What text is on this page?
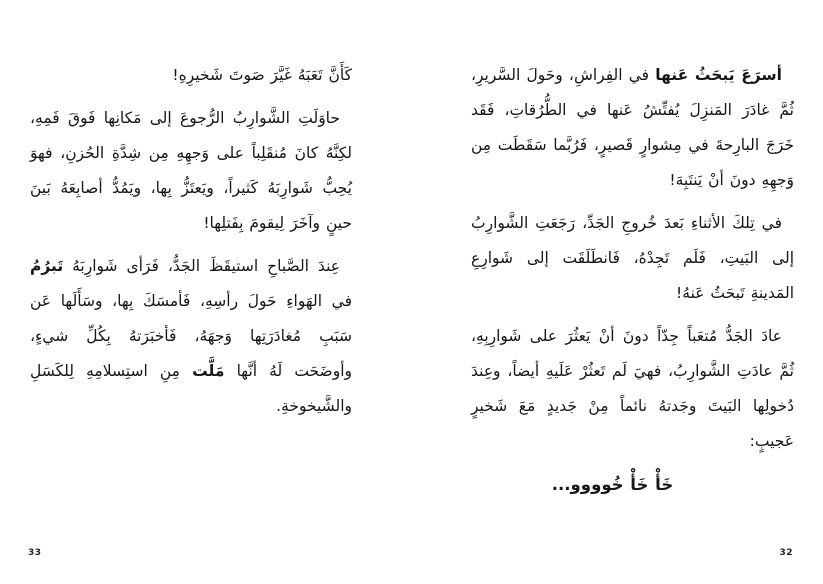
أسرَعَ يَبحَثُ عَنها في الفِراشِ، وحَولَ السَّريرِ، ثُمَّ غادَرَ المَنزِلَ يُفتِّشُ عَنها في الطُّرُقاتِ، فَقَد خَرَجَ البارِحةَ في مِشوارٍ قَصيرٍ، فَرُبَّما سَقَطَت مِن وَجهِهِ دونَ أنْ يَنتَبِهَ!

في تِلكَ الأثناءِ بَعدَ خُروجِ الجَدِّ، رَجَعَتِ الشَّوارِبُ إلى البَيتِ، فَلَم تَجِدْهُ، فَانطَلَقَت إلى شَوارِعِ المَدينةِ تَبحَثُ عَنهُ!

عادَ الجَدُّ مُتعَباً جِدّاً دونَ أنْ يَعثُرَ على شَوارِبِهِ، ثُمَّ عادَتِ الشَّوارِبُ، فهيَ لَم تَعثُرْ عَلَيهِ أيضاً، وعِندَ دُخولِها البَيتَ وجَدتهُ نائماً مِنْ جَديدٍ مَعَ شَخيرٍ عَجيبٍ:

خَأْ خَأْ خُوووو...

كَأَنَّ تَعَبَهُ غَيَّرَ صَوتَ شَخيرِهِ!

حاوَلَتِ الشَّوارِبُ الرُّجوعَ إلى مَكانِها فَوقَ فَمِهِ، لكِنَّهُ كانَ مُنقَلِباً على وَجهِهِ مِن شِدَّةِ الحُزنِ، فهوَ يُحِبُّ شَوارِبَهُ كَثيراً، ويَعتَزُّ بِها، ويَمُدُّ أصابِعَهُ بَينَ حينٍ وآخَرَ لِيقومَ بِفَتلِها!

عِندَ الصَّباحِ استيقَظَ الجَدُّ، فَرَأى شَوارِبَهُ تَبرُمُ في الهَواءِ حَولَ رأسِهِ، فَأمسَكَ بِها، وسَأَلَها عَن سَبَبِ مُغادَرَتِها وَجهَهُ، فَأخبَرَتهُ بِكُلِّ شيءٍ، وأوضَحَت لَهُ أنَّها مَلَّت مِنِ استِسلامِهِ لِلكَسَلِ والشَّيخوخةِ.

33	32
